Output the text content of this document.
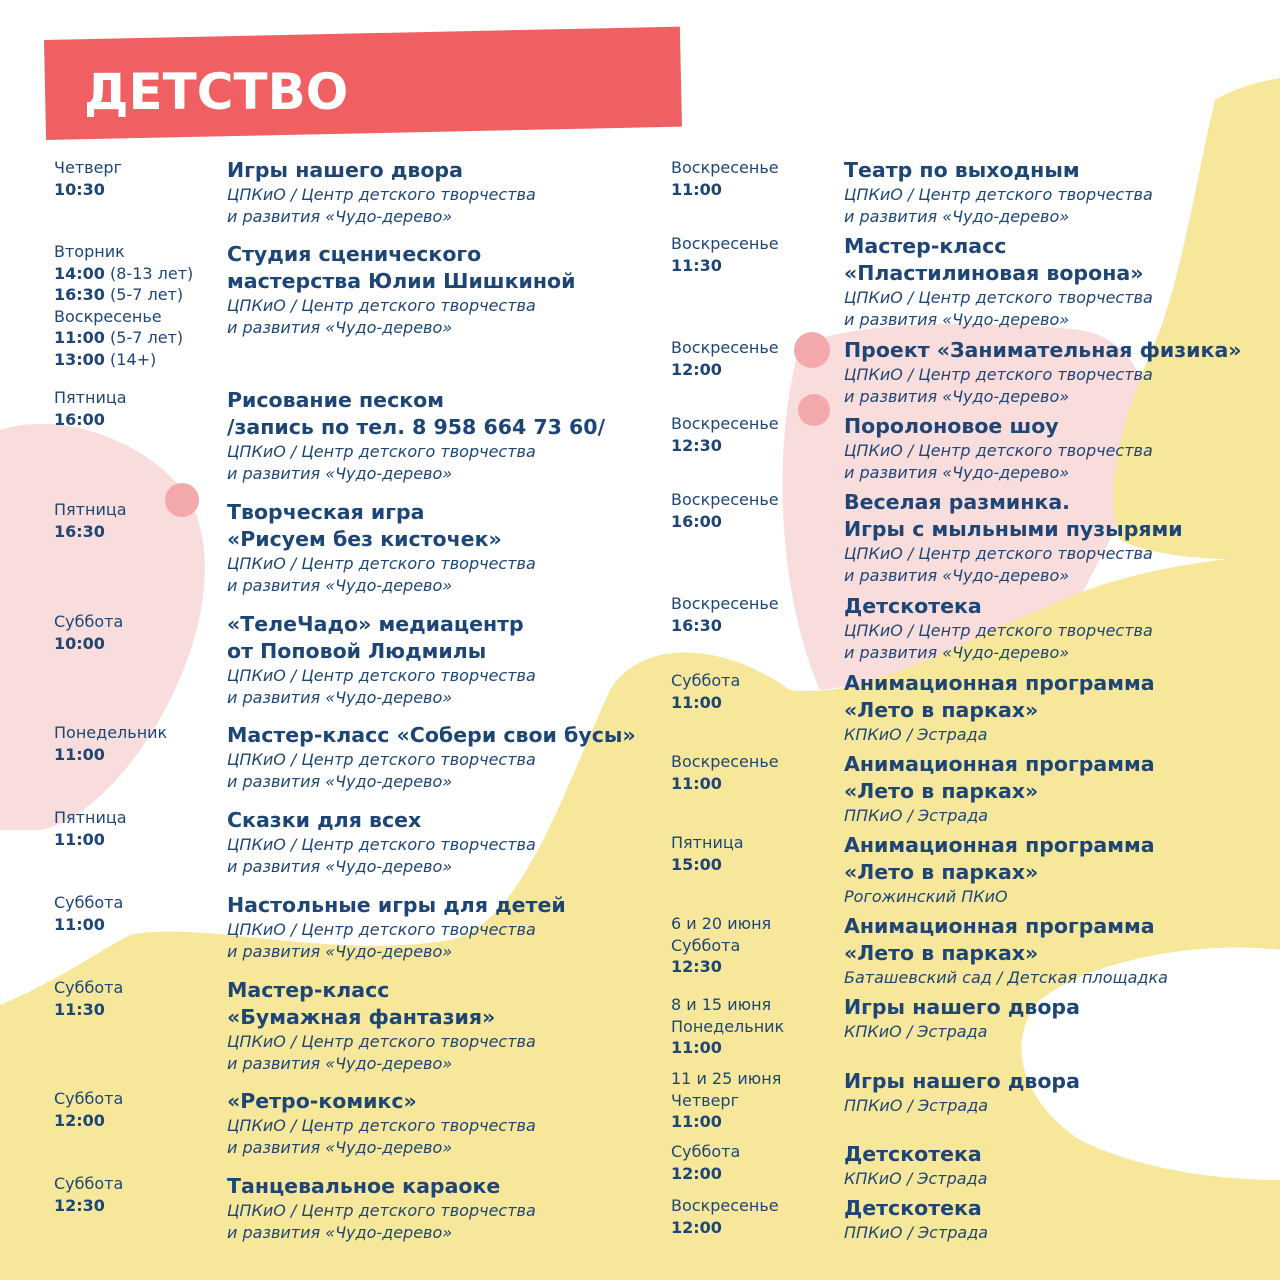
ДЕТСТВО
Четверг
10:30
Игры нашего двора
ЦПКиО / Центр детского творчества
и развития «Чудо-дерево»
Вторник
14:00 (8-13 лет)
16:30 (5-7 лет)
Воскресенье
11:00 (5-7 лет)
13:00 (14+)
Студия сценического
мастерства Юлии Шишкиной
ЦПКиО / Центр детского творчества
и развития «Чудо-дерево»
Пятница
16:00
Рисование песком
/запись по тел. 8 958 664 73 60/
ЦПКиО / Центр детского творчества
и развития «Чудо-дерево»
Пятница
16:30
Творческая игра
«Рисуем без кисточек»
ЦПКиО / Центр детского творчества
и развития «Чудо-дерево»
Суббота
10:00
«ТелеЧадо» медиацентр
от Поповой Людмилы
ЦПКиО / Центр детского творчества
и развития «Чудо-дерево»
Понедельник
11:00
Мастер-класс «Собери свои бусы»
ЦПКиО / Центр детского творчества
и развития «Чудо-дерево»
Пятница
11:00
Сказки для всех
ЦПКиО / Центр детского творчества
и развития «Чудо-дерево»
Суббота
11:00
Настольные игры для детей
ЦПКиО / Центр детского творчества
и развития «Чудо-дерево»
Суббота
11:30
Мастер-класс
«Бумажная фантазия»
ЦПКиО / Центр детского творчества
и развития «Чудо-дерево»
Суббота
12:00
«Ретро-комикс»
ЦПКиО / Центр детского творчества
и развития «Чудо-дерево»
Суббота
12:30
Танцевальное караоке
ЦПКиО / Центр детского творчества
и развития «Чудо-дерево»
Воскресенье
11:00
Театр по выходным
ЦПКиО / Центр детского творчества
и развития «Чудо-дерево»
Воскресенье
11:30
Мастер-класс
«Пластилиновая ворона»
ЦПКиО / Центр детского творчества
и развития «Чудо-дерево»
Воскресенье
12:00
Проект «Занимательная физика»
ЦПКиО / Центр детского творчества
и развития «Чудо-дерево»
Воскресенье
12:30
Поролоновое шоу
ЦПКиО / Центр детского творчества
и развития «Чудо-дерево»
Воскресенье
16:00
Веселая разминка.
Игры с мыльными пузырями
ЦПКиО / Центр детского творчества
и развития «Чудо-дерево»
Воскресенье
16:30
Детскотека
ЦПКиО / Центр детского творчества
и развития «Чудо-дерево»
Суббота
11:00
Анимационная программа
«Лето в парках»
КПКиО / Эстрада
Воскресенье
11:00
Анимационная программа
«Лето в парках»
ППКиО / Эстрада
Пятница
15:00
Анимационная программа
«Лето в парках»
Рогожинский ПКиО
6 и 20 июня
Суббота
12:30
Анимационная программа
«Лето в парках»
Баташевский сад / Детская площадка
8 и 15 июня
Понедельник
11:00
Игры нашего двора
КПКиО / Эстрада
11 и 25 июня
Четверг
11:00
Игры нашего двора
ППКиО / Эстрада
Суббота
12:00
Детскотека
КПКиО / Эстрада
Воскресенье
12:00
Детскотека
ППКиО / Эстрада
